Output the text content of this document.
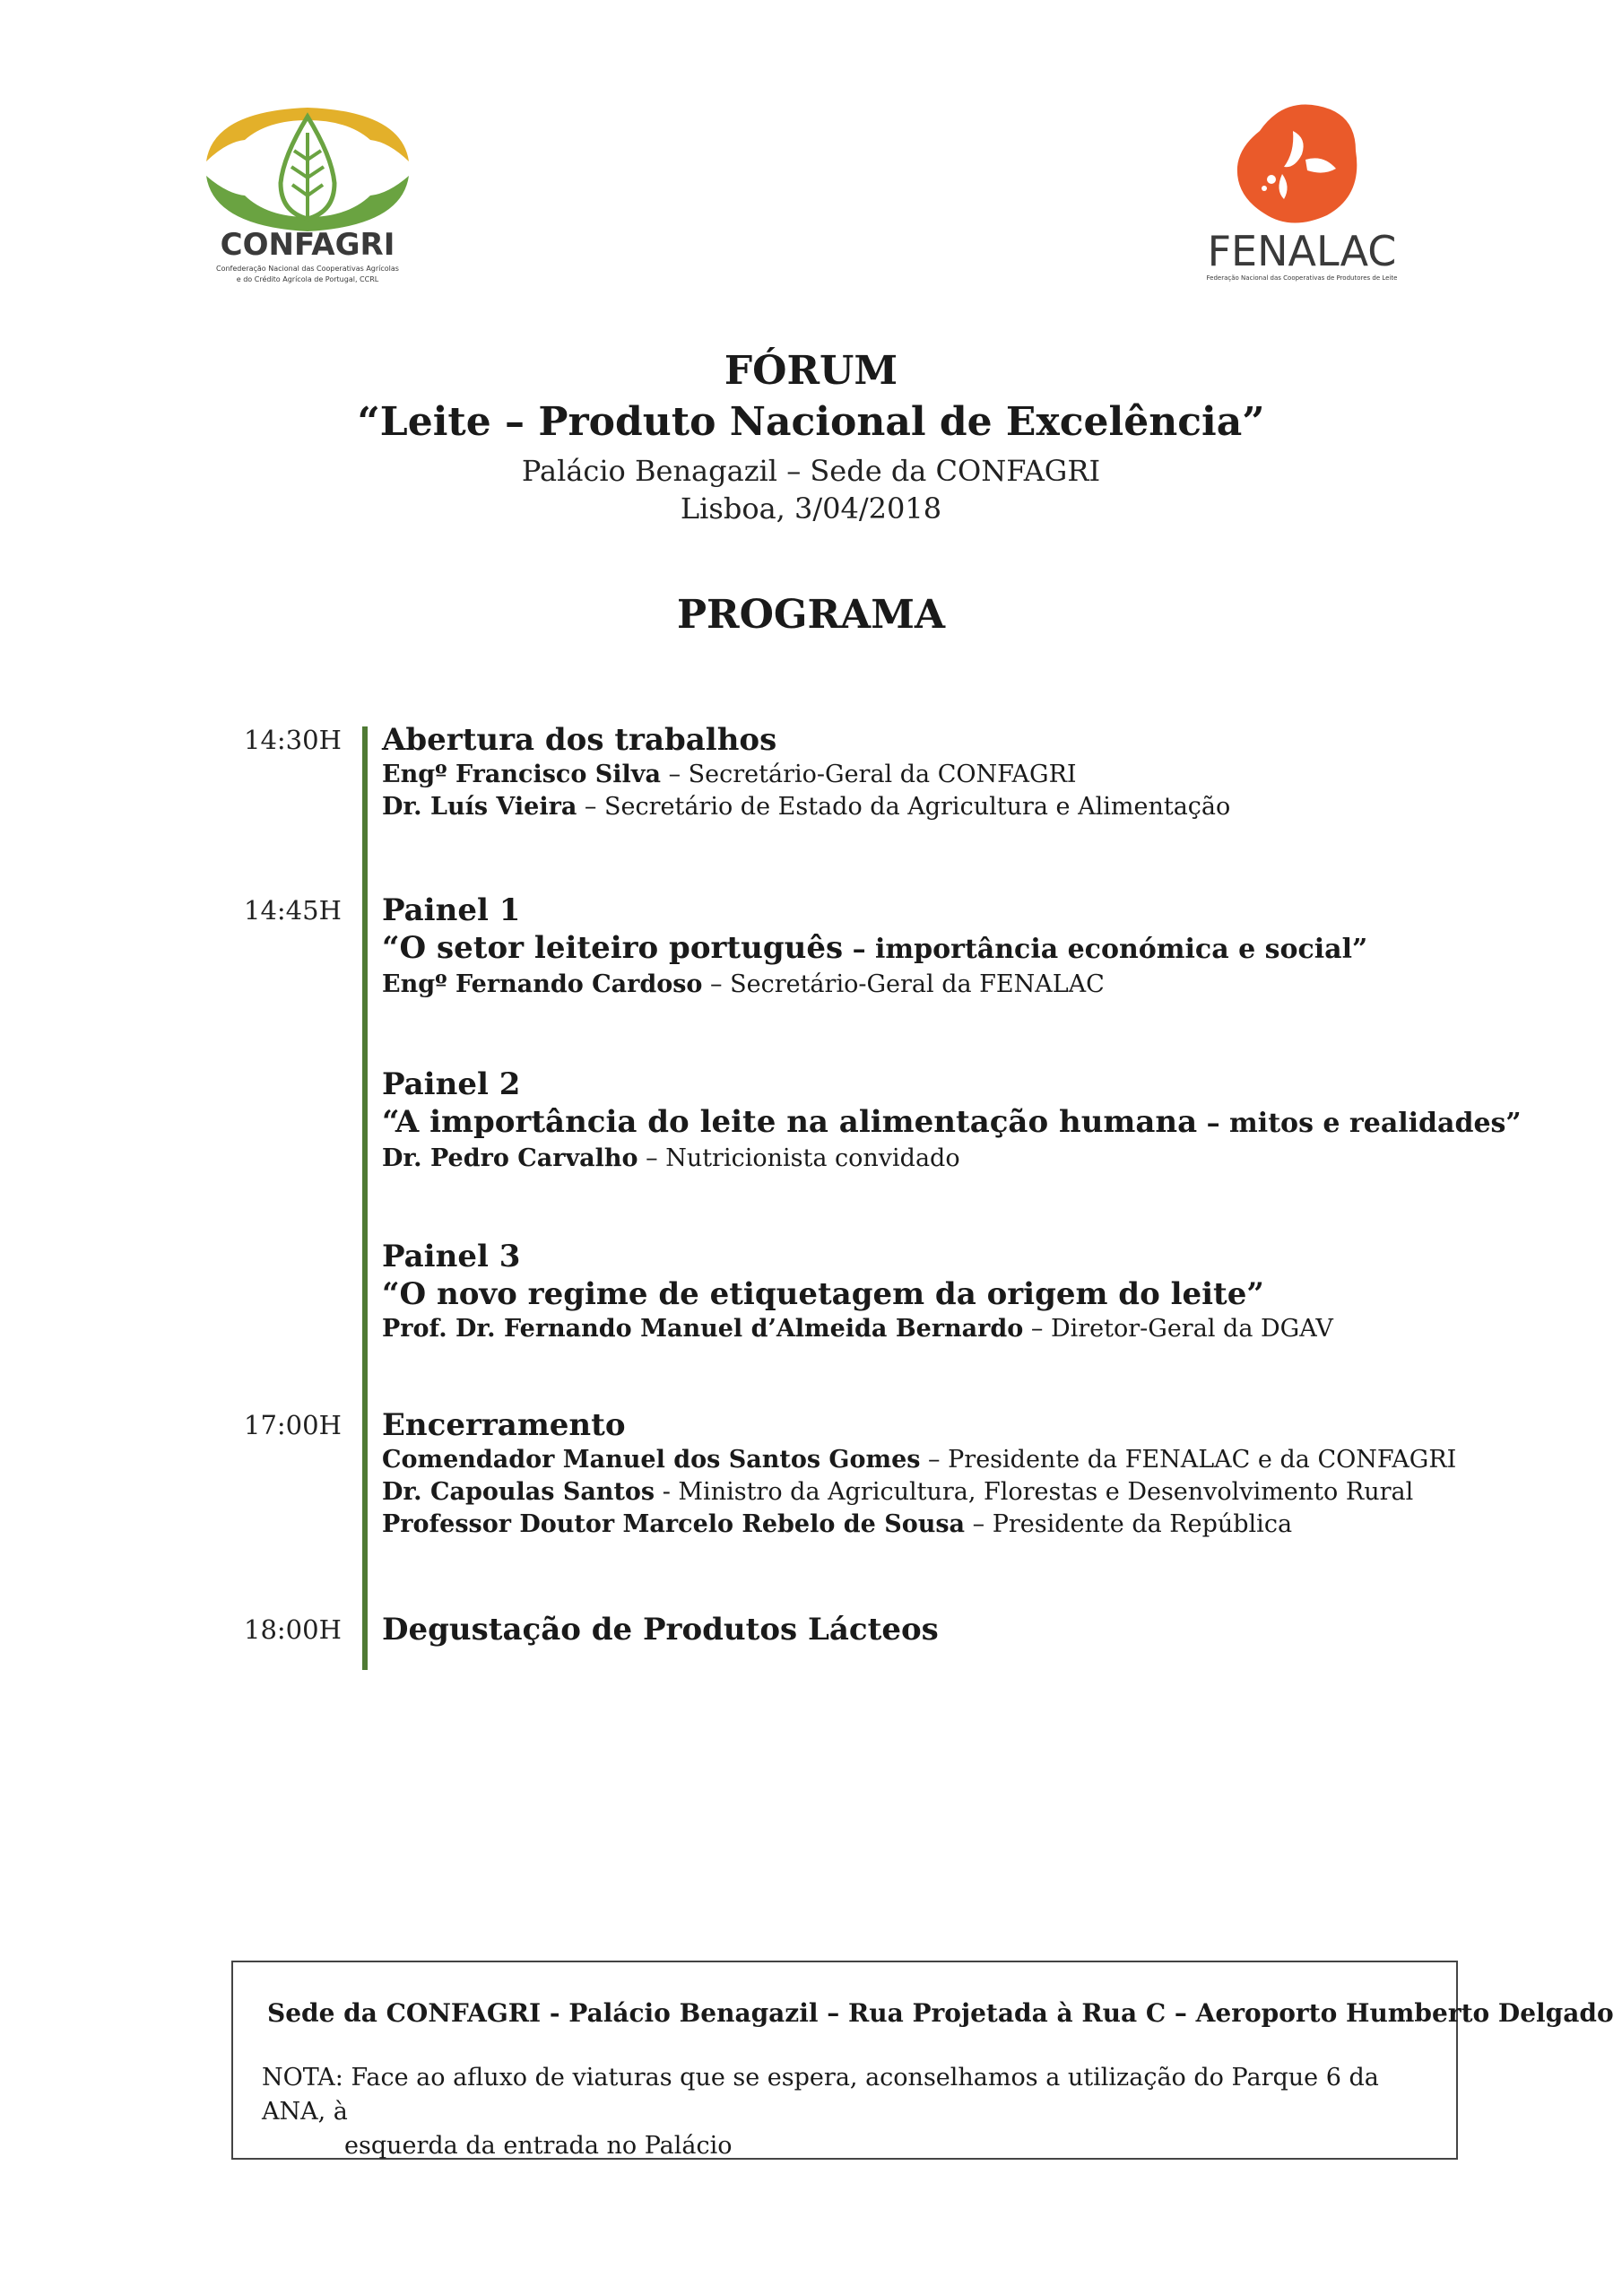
CONFAGRI
Confederação Nacional das Cooperativas Agrícolas
e do Crédito Agrícola de Portugal, CCRL
FENALAC
Federação Nacional das Cooperativas de Produtores de Leite
FÓRUM
“Leite – Produto Nacional de Excelência”
Palácio Benagazil – Sede da CONFAGRI
Lisboa, 3/04/2018
PROGRAMA
14:30H	Abertura dos trabalhos
Engº Francisco Silva – Secretário-Geral da CONFAGRI
Dr. Luís Vieira – Secretário de Estado da Agricultura e Alimentação
14:45H	Painel 1
“O setor leiteiro português – importância económica e social”
Engº Fernando Cardoso – Secretário-Geral da FENALAC
Painel 2
“A importância do leite na alimentação humana – mitos e realidades”
Dr. Pedro Carvalho – Nutricionista convidado
Painel 3
“O novo regime de etiquetagem da origem do leite”
Prof. Dr. Fernando Manuel d’Almeida Bernardo – Diretor-Geral da DGAV
17:00H	Encerramento
Comendador Manuel dos Santos Gomes – Presidente da FENALAC e da CONFAGRI
Dr. Capoulas Santos - Ministro da Agricultura, Florestas e Desenvolvimento Rural
Professor Doutor Marcelo Rebelo de Sousa – Presidente da República
18:00H	Degustação de Produtos Lácteos
Sede da CONFAGRI - Palácio Benagazil – Rua Projetada à Rua C – Aeroporto Humberto Delgado
NOTA: Face ao afluxo de viaturas que se espera, aconselhamos a utilização do Parque 6 da ANA, à
esquerda da entrada no Palácio
